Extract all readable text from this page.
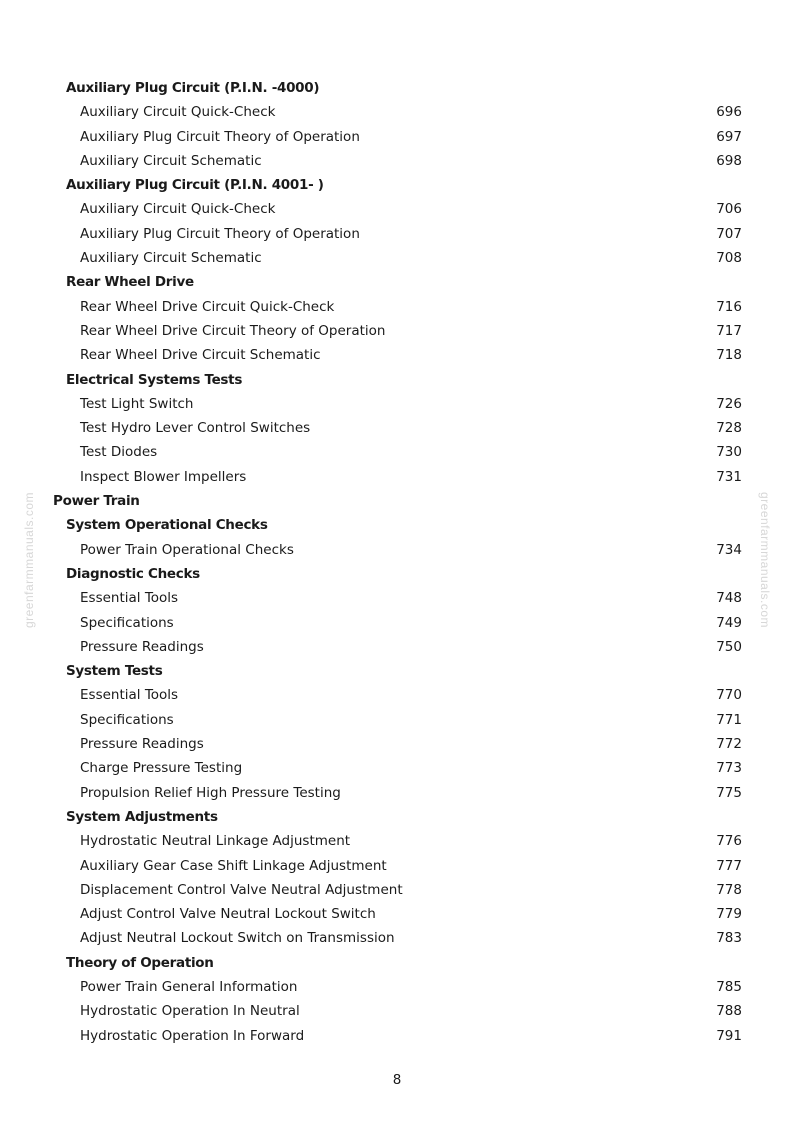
greenfarmmanuals.com	greenfarmmanuals.com
Auxiliary Plug Circuit (P.I.N. -4000)
Auxiliary Circuit Quick-Check	696
Auxiliary Plug Circuit Theory of Operation	697
Auxiliary Circuit Schematic	698
Auxiliary Plug Circuit (P.I.N. 4001- )
Auxiliary Circuit Quick-Check	706
Auxiliary Plug Circuit Theory of Operation	707
Auxiliary Circuit Schematic	708
Rear Wheel Drive
Rear Wheel Drive Circuit Quick-Check	716
Rear Wheel Drive Circuit Theory of Operation	717
Rear Wheel Drive Circuit Schematic	718
Electrical Systems Tests
Test Light Switch	726
Test Hydro Lever Control Switches	728
Test Diodes	730
Inspect Blower Impellers	731
Power Train
System Operational Checks
Power Train Operational Checks	734
Diagnostic Checks
Essential Tools	748
Specifications	749
Pressure Readings	750
System Tests
Essential Tools	770
Specifications	771
Pressure Readings	772
Charge Pressure Testing	773
Propulsion Relief High Pressure Testing	775
System Adjustments
Hydrostatic Neutral Linkage Adjustment	776
Auxiliary Gear Case Shift Linkage Adjustment	777
Displacement Control Valve Neutral Adjustment	778
Adjust Control Valve Neutral Lockout Switch	779
Adjust Neutral Lockout Switch on Transmission	783
Theory of Operation
Power Train General Information	785
Hydrostatic Operation In Neutral	788
Hydrostatic Operation In Forward	791
8
